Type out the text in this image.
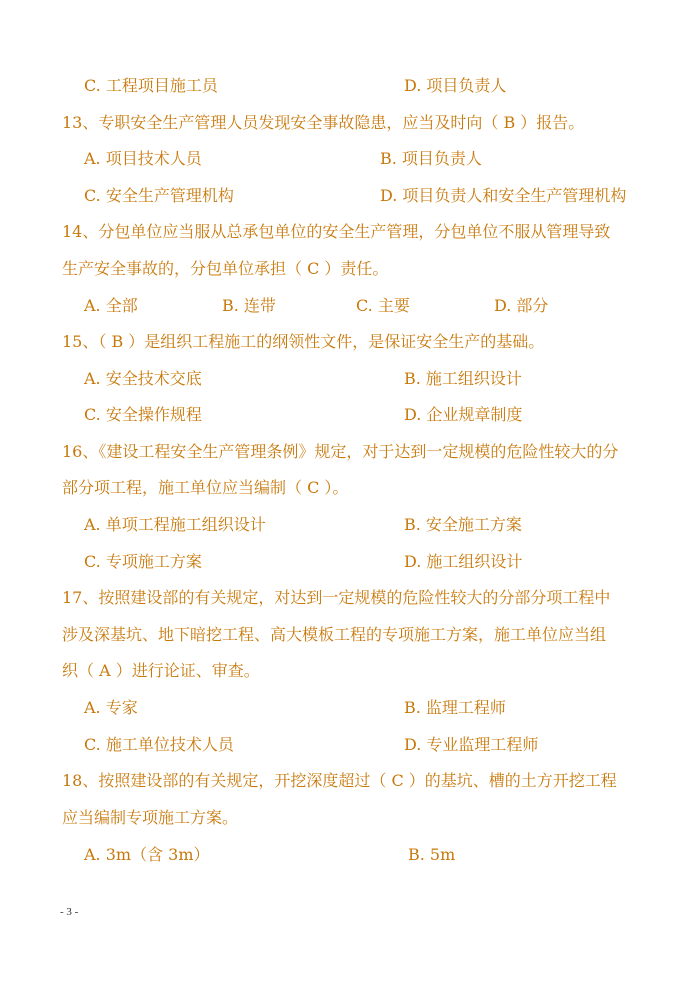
C. 工程项目施工员	D. 项目负责人
13、专职安全生产管理人员发现安全事故隐患，应当及时向（ B ）报告。
A. 项目技术人员	B. 项目负责人
C. 安全生产管理机构	D. 项目负责人和安全生产管理机构
14、分包单位应当服从总承包单位的安全生产管理，分包单位不服从管理导致
生产安全事故的，分包单位承担（ C ）责任。
A. 全部	B. 连带	C. 主要	D. 部分
15、（ B ）是组织工程施工的纲领性文件，是保证安全生产的基础。
A. 安全技术交底	B. 施工组织设计
C. 安全操作规程	D. 企业规章制度
16、《建设工程安全生产管理条例》规定，对于达到一定规模的危险性较大的分
部分项工程，施工单位应当编制（ C ）。
A. 单项工程施工组织设计	B. 安全施工方案
C. 专项施工方案	D. 施工组织设计
17、按照建设部的有关规定，对达到一定规模的危险性较大的分部分项工程中
涉及深基坑、地下暗挖工程、高大模板工程的专项施工方案，施工单位应当组
织（ A ）进行论证、审查。
A. 专家	B. 监理工程师
C. 施工单位技术人员	D. 专业监理工程师
18、按照建设部的有关规定，开挖深度超过（ C ）的基坑、槽的土方开挖工程
应当编制专项施工方案。
A. 3m（含 3m）	B. 5m
- 3 -
